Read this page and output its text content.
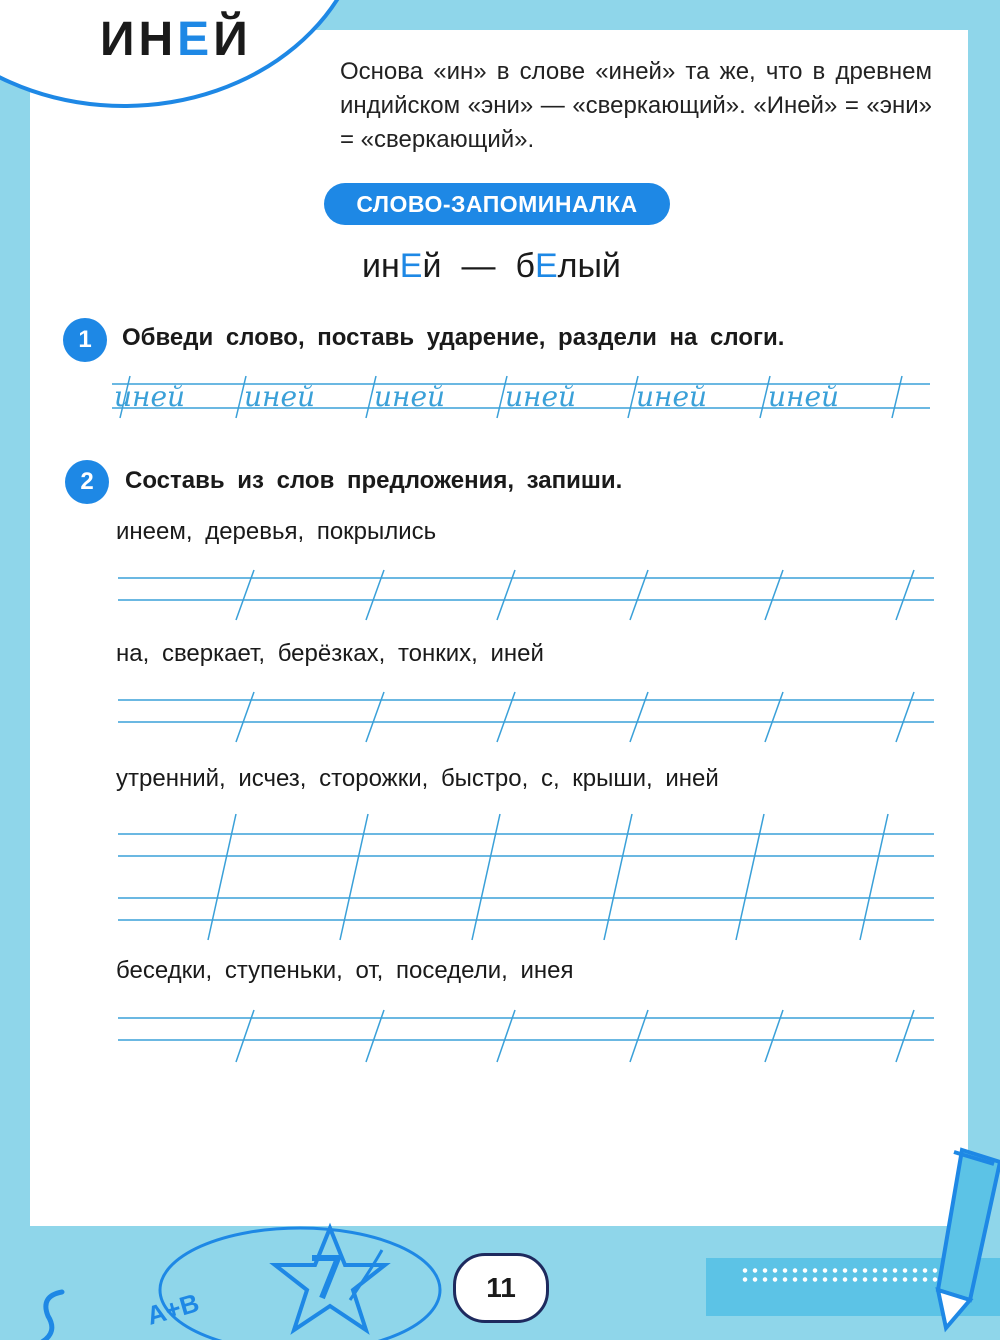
ИНЕЙ
Основа «ин» в слове «иней» та же, что в древнем индийском «эни» — «сверкающий». «Иней» = «эни» = «сверкающий».
СЛОВО-ЗАПОМИНАЛКА
инЕй — бЕлый
1	Обведи слово, поставь ударение, раздели на слоги.
2	Составь из слов предложения, запиши.
инеем, деревья, покрылись
на, сверкает, берёзках, тонких, иней
утренний, исчез, сторожки, быстро, с, крыши, иней
беседки, ступеньки, от, поседели, инея
иней иней иней иней иней иней
A+B	11
